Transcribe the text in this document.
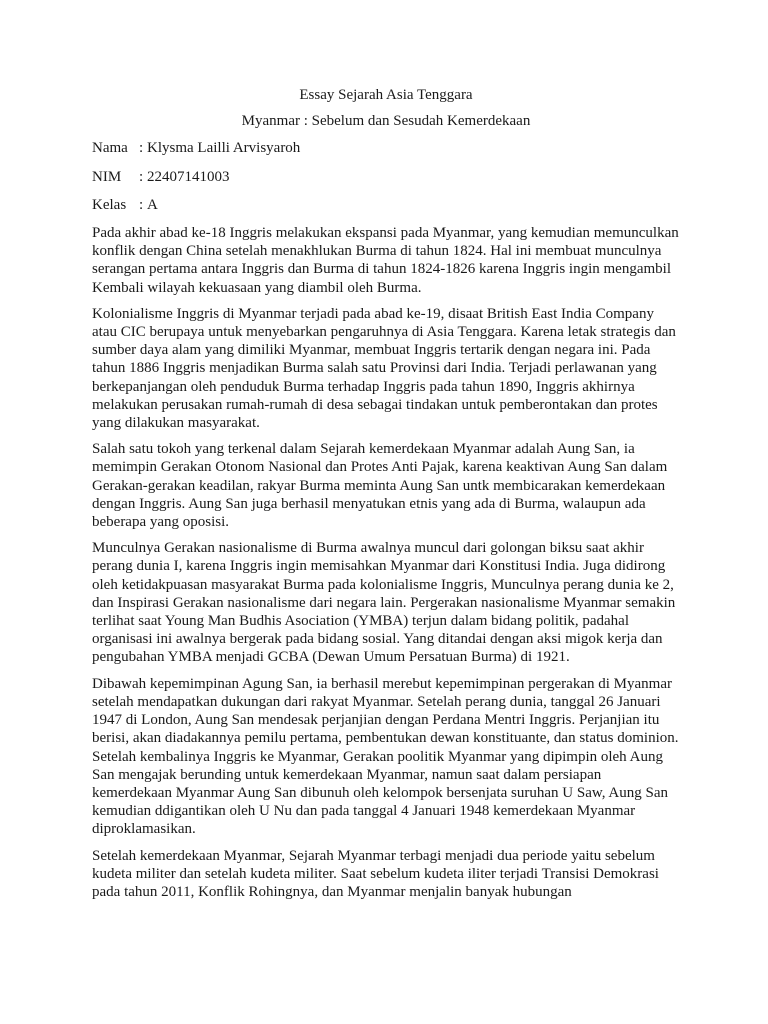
Essay Sejarah Asia Tenggara

Myanmar : Sebelum dan Sesudah Kemerdekaan

Nama : Klysma Lailli Arvisyaroh
NIM	: 22407141003
Kelas : A

Pada akhir abad ke-18 Inggris melakukan ekspansi pada Myanmar, yang kemudian memunculkan konflik dengan China setelah menakhlukan Burma di tahun 1824. Hal ini membuat munculnya serangan pertama antara Inggris dan Burma di tahun 1824-1826 karena Inggris ingin mengambil Kembali wilayah kekuasaan yang diambil oleh Burma.

Kolonialisme Inggris di Myanmar terjadi pada abad ke-19, disaat British East India Company atau CIC berupaya untuk menyebarkan pengaruhnya di Asia Tenggara. Karena letak strategis dan sumber daya alam yang dimiliki Myanmar, membuat Inggris tertarik dengan negara ini. Pada tahun 1886 Inggris menjadikan Burma salah satu Provinsi dari India. Terjadi perlawanan yang berkepanjangan oleh penduduk Burma terhadap Inggris pada tahun 1890, Inggris akhirnya melakukan perusakan rumah-rumah di desa sebagai tindakan untuk pemberontakan dan protes yang dilakukan masyarakat.

Salah satu tokoh yang terkenal dalam Sejarah kemerdekaan Myanmar adalah Aung San, ia memimpin Gerakan Otonom Nasional dan Protes Anti Pajak, karena keaktivan Aung San dalam Gerakan-gerakan keadilan, rakyar Burma meminta Aung San untk membicarakan kemerdekaan dengan Inggris. Aung San juga berhasil menyatukan etnis yang ada di Burma, walaupun ada beberapa yang oposisi.

Munculnya Gerakan nasionalisme di Burma awalnya muncul dari golongan biksu saat akhir perang dunia I, karena Inggris ingin memisahkan Myanmar dari Konstitusi India. Juga didirong oleh ketidakpuasan masyarakat Burma pada kolonialisme Inggris, Munculnya perang dunia ke 2, dan Inspirasi Gerakan nasionalisme dari negara lain. Pergerakan nasionalisme Myanmar semakin terlihat saat Young Man Budhis Asociation (YMBA) terjun dalam bidang politik, padahal organisasi ini awalnya bergerak pada bidang sosial. Yang ditandai dengan aksi migok kerja dan pengubahan YMBA menjadi GCBA (Dewan Umum Persatuan Burma) di 1921.

Dibawah kepemimpinan Agung San, ia berhasil merebut kepemimpinan pergerakan di Myanmar setelah mendapatkan dukungan dari rakyat Myanmar. Setelah perang dunia, tanggal 26 Januari 1947 di London, Aung San mendesak perjanjian dengan Perdana Mentri Inggris. Perjanjian itu berisi, akan diadakannya pemilu pertama, pembentukan dewan konstituante, dan status dominion. Setelah kembalinya Inggris ke Myanmar, Gerakan poolitik Myanmar yang dipimpin oleh Aung San mengajak berunding untuk kemerdekaan Myanmar, namun saat dalam persiapan kemerdekaan Myanmar Aung San dibunuh oleh kelompok bersenjata suruhan U Saw, Aung San kemudian ddigantikan oleh U Nu dan pada tanggal 4 Januari 1948 kemerdekaan Myanmar diproklamasikan.

Setelah kemerdekaan Myanmar, Sejarah Myanmar terbagi menjadi dua periode yaitu sebelum kudeta militer dan setelah kudeta militer. Saat sebelum kudeta iliter terjadi Transisi Demokrasi pada tahun 2011, Konflik Rohingnya, dan Myanmar menjalin banyak hubungan
